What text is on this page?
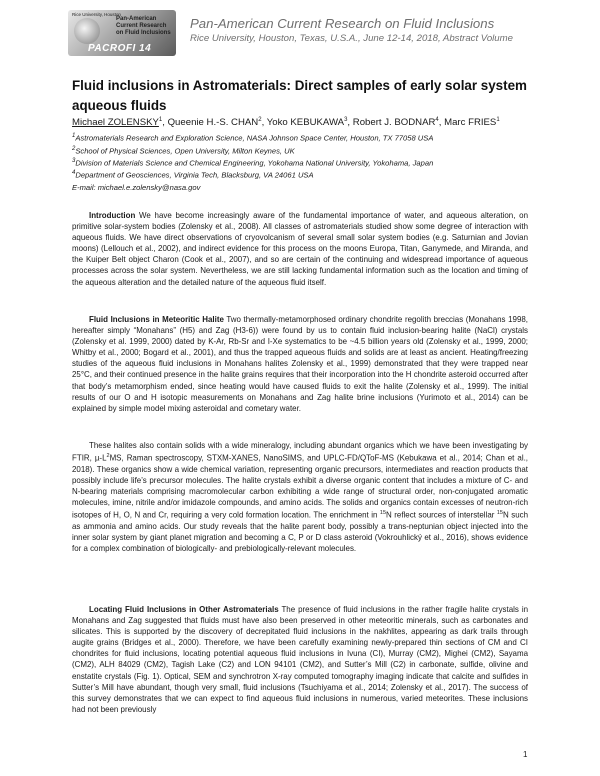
Rice University, Houston
Pan-American Current Research on Fluid Inclusions
PACROFI 14
Pan-American Current Research on Fluid Inclusions
Rice University, Houston, Texas, U.S.A., June 12-14, 2018, Abstract Volume
Fluid inclusions in Astromaterials: Direct samples of early solar system aqueous fluids
Michael ZOLENSKY$^1$, Queenie H.-S. CHAN$^2$, Yoko KEBUKAWA$^3$, Robert J. BODNAR$^4$, Marc FRIES$^1$
$^1$Astromaterials Research and Exploration Science, NASA Johnson Space Center, Houston, TX 77058 USA
$^2$School of Physical Sciences, Open University, Milton Keynes, UK
$^3$Division of Materials Science and Chemical Engineering, Yokohama National University, Yokohama, Japan
$^4$Department of Geosciences, Virginia Tech, Blacksburg, VA 24061 USA
E-mail: michael.e.zolensky@nasa.gov

Introduction We have become increasingly aware of the fundamental importance of water, and aqueous alteration, on primitive solar-system bodies (Zolensky et al., 2008). All classes of astromaterials studied show some degree of interaction with aqueous fluids. We have direct observations of cryovolcanism of several small solar system bodies (e.g. Saturnian and Jovian moons) (Lellouch et al., 2002), and indirect evidence for this process on the moons Europa, Titan, Ganymede, and Miranda, and the Kuiper Belt object Charon (Cook et al., 2007), and so are certain of the continuing and widespread importance of aqueous processes across the solar system. Nevertheless, we are still lacking fundamental information such as the location and timing of the aqueous alteration and the detailed nature of the aqueous fluid itself.

Fluid Inclusions in Meteoritic Halite Two thermally-metamorphosed ordinary chondrite regolith breccias (Monahans 1998, hereafter simply “Monahans” (H5) and Zag (H3-6)) were found by us to contain fluid inclusion-bearing halite (NaCl) crystals (Zolensky et al. 1999, 2000) dated by K-Ar, Rb-Sr and I-Xe systematics to be ~4.5 billion years old (Zolensky et al., 1999, 2000; Whitby et al., 2000; Bogard et al., 2001), and thus the trapped aqueous fluids and solids are at least as ancient. Heating/freezing studies of the aqueous fluid inclusions in Monahans halites Zolensky et al., 1999) demonstrated that they were trapped near 25°C, and their continued presence in the halite grains requires that their incorporation into the H chondrite asteroid occurred after that body’s metamorphism ended, since heating would have caused fluids to exit the halite (Zolensky et al., 1999). The initial results of our O and H isotopic measurements on Monahans and Zag halite brine inclusions (Yurimoto et al., 2014) can be explained by simple model mixing asteroidal and cometary water.

These halites also contain solids with a wide mineralogy, including abundant organics which we have been investigating by FTIR, $\mu-L^2MS$, Raman spectroscopy, STXM-XANES, NanoSIMS, and UPLC-FD/QToF-MS (Kebukawa et al., 2014; Chan et al., 2018). These organics show a wide chemical variation, representing organic precursors, intermediates and reaction products that possibly include life’s precursor molecules. The halite crystals exhibit a diverse organic content that includes a mixture of C- and N-bearing materials comprising macromolecular carbon exhibiting a wide range of structural order, non-conjugated aromatic molecules, imine, nitrile and/or imidazole compounds, and amino acids. The solids and organics contain excesses of neutron-rich isotopes of H, O, N and Cr, requiring a very cold formation location. The enrichment in $^{15}$N reflect sources of interstellar $^{15}$N such as ammonia and amino acids. Our study reveals that the halite parent body, possibly a trans-neptunian object injected into the inner solar system by giant planet migration and becoming a C, P or D class asteroid (Vokrouhlický et al., 2016), shows evidence for a complex combination of biologically- and prebiologically-relevant molecules.

Locating Fluid Inclusions in Other Astromaterials The presence of fluid inclusions in the rather fragile halite crystals in Monahans and Zag suggested that fluids must have also been preserved in other meteoritic minerals, such as carbonates and silicates. This is supported by the discovery of decrepitated fluid inclusions in the nakhlites, appearing as dark trails through augite grains (Bridges et al., 2000). Therefore, we have been carefully examining newly-prepared thin sections of CM and CI chondrites for fluid inclusions, locating potential aqueous fluid inclusions in Ivuna (CI), Murray (CM2), Mighei (CM2), Sayama (CM2), ALH 84029 (CM2), Tagish Lake (C2) and LON 94101 (CM2), and Sutter’s Mill (C2) in carbonate, sulfide, olivine and enstatite crystals (Fig. 1). Optical, SEM and synchrotron X-ray computed tomography imaging indicate that calcite and sulfides in Sutter’s Mill have abundant, though very small, fluid inclusions (Tsuchiyama et al., 2014; Zolensky et al., 2017). The success of this survey demonstrates that we can expect to find aqueous fluid inclusions in numerous, varied meteorites. These inclusions had not been previously

1
